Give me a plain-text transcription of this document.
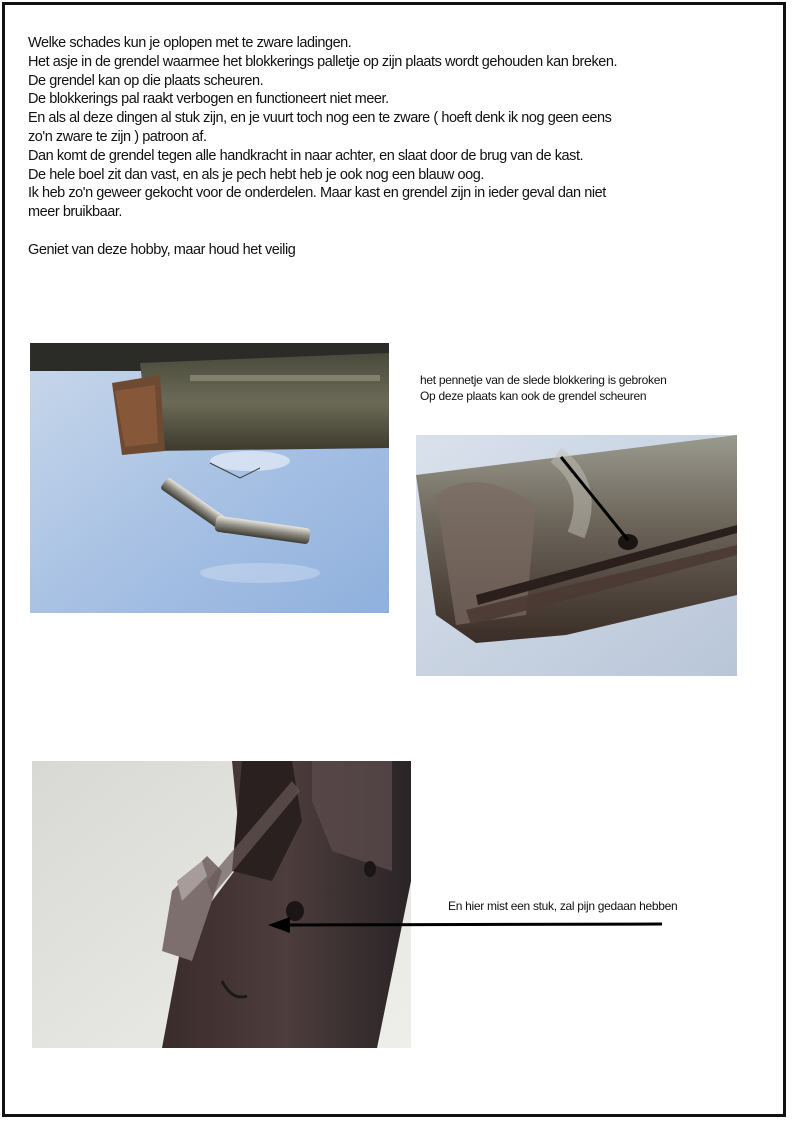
Welke schades kun je oplopen met te zware ladingen.
Het asje in de grendel waarmee het blokkerings palletje op zijn plaats wordt gehouden kan breken.
De grendel kan op die plaats scheuren.
De blokkerings pal raakt verbogen en functioneert niet meer.
En als al deze dingen al stuk zijn, en je vuurt toch nog een te zware ( hoeft denk ik nog geen eens
zo'n zware te zijn ) patroon af.
Dan komt de grendel tegen alle handkracht in naar achter, en slaat door de brug van de kast.
De hele boel zit dan vast, en als je pech hebt heb je ook nog een blauw oog.
Ik heb zo'n geweer gekocht voor de onderdelen. Maar kast en grendel zijn in ieder geval dan niet
meer bruikbaar.
Geniet van deze hobby, maar houd het veilig
het pennetje van de slede blokkering is gebroken
Op deze plaats kan ook de grendel scheuren
En hier mist een stuk, zal pijn gedaan hebben
